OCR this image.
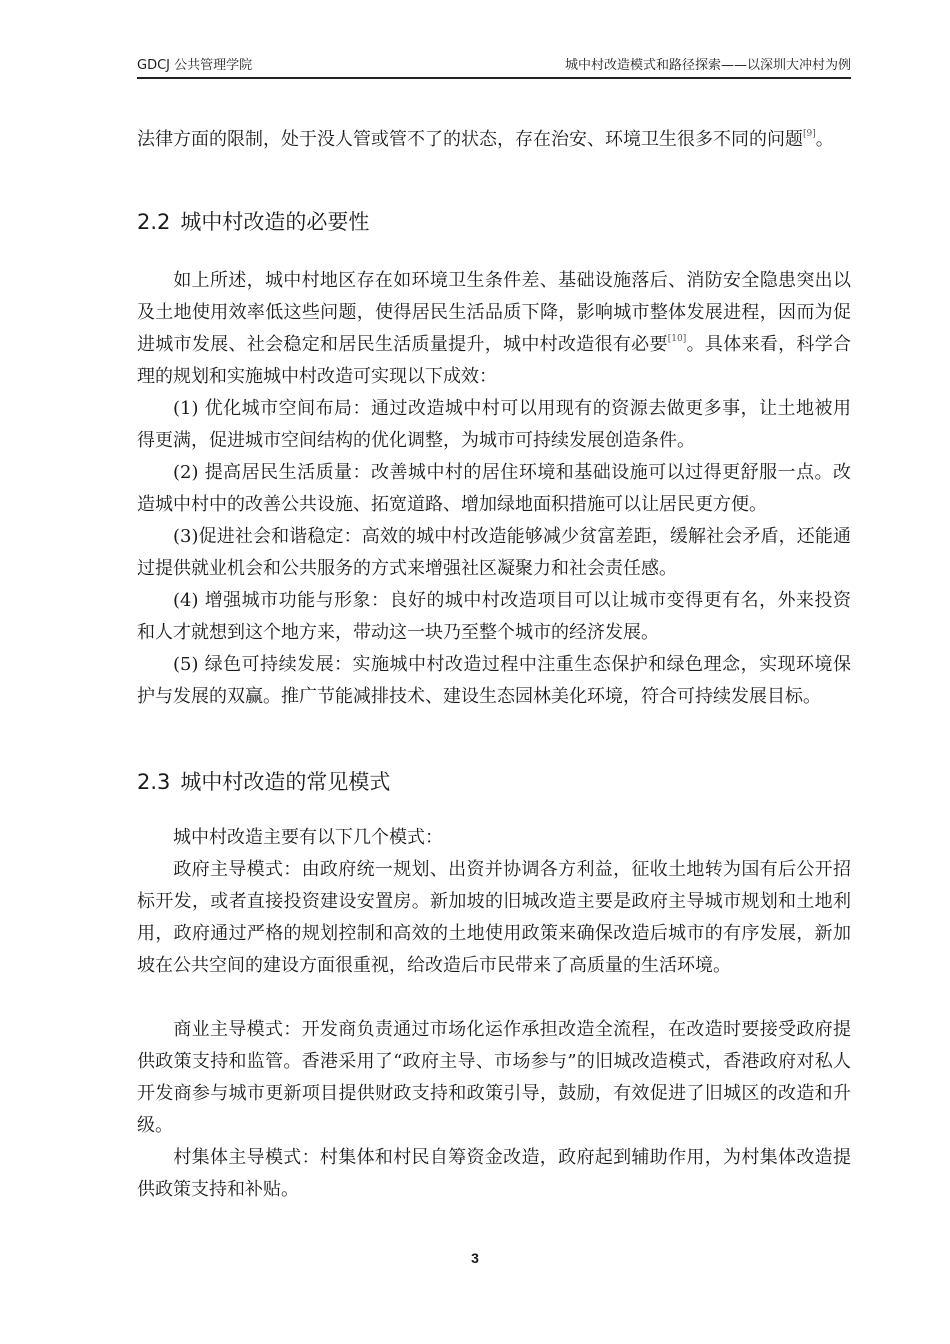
GDCJ 公共管理学院	城中村改造模式和路径探索——以深圳大冲村为例

法律方面的限制，处于没人管或管不了的状态，存在治安、环境卫生很多不同的问题[9]。

2.2 城中村改造的必要性

如上所述，城中村地区存在如环境卫生条件差、基础设施落后、消防安全隐患突出以及土地使用效率低这些问题，使得居民生活品质下降，影响城市整体发展进程，因而为促进城市发展、社会稳定和居民生活质量提升，城中村改造很有必要[10]。具体来看，科学合理的规划和实施城中村改造可实现以下成效：

(1) 优化城市空间布局：通过改造城中村可以用现有的资源去做更多事，让土地被用得更满，促进城市空间结构的优化调整，为城市可持续发展创造条件。

(2) 提高居民生活质量：改善城中村的居住环境和基础设施可以过得更舒服一点。改造城中村中的改善公共设施、拓宽道路、增加绿地面积措施可以让居民更方便。

(3)促进社会和谐稳定：高效的城中村改造能够减少贫富差距，缓解社会矛盾，还能通过提供就业机会和公共服务的方式来增强社区凝聚力和社会责任感。

(4) 增强城市功能与形象：良好的城中村改造项目可以让城市变得更有名，外来投资和人才就想到这个地方来，带动这一块乃至整个城市的经济发展。

(5) 绿色可持续发展：实施城中村改造过程中注重生态保护和绿色理念，实现环境保护与发展的双赢。推广节能减排技术、建设生态园林美化环境，符合可持续发展目标。

2.3 城中村改造的常见模式

城中村改造主要有以下几个模式：

政府主导模式：由政府统一规划、出资并协调各方利益，征收土地转为国有后公开招标开发，或者直接投资建设安置房。新加坡的旧城改造主要是政府主导城市规划和土地利用，政府通过严格的规划控制和高效的土地使用政策来确保改造后城市的有序发展，新加坡在公共空间的建设方面很重视，给改造后市民带来了高质量的生活环境。

商业主导模式：开发商负责通过市场化运作承担改造全流程，在改造时要接受政府提供政策支持和监管。香港采用了“政府主导、市场参与”的旧城改造模式，香港政府对私人开发商参与城市更新项目提供财政支持和政策引导，鼓励，有效促进了旧城区的改造和升级。

村集体主导模式：村集体和村民自筹资金改造，政府起到辅助作用，为村集体改造提供政策支持和补贴。

3
